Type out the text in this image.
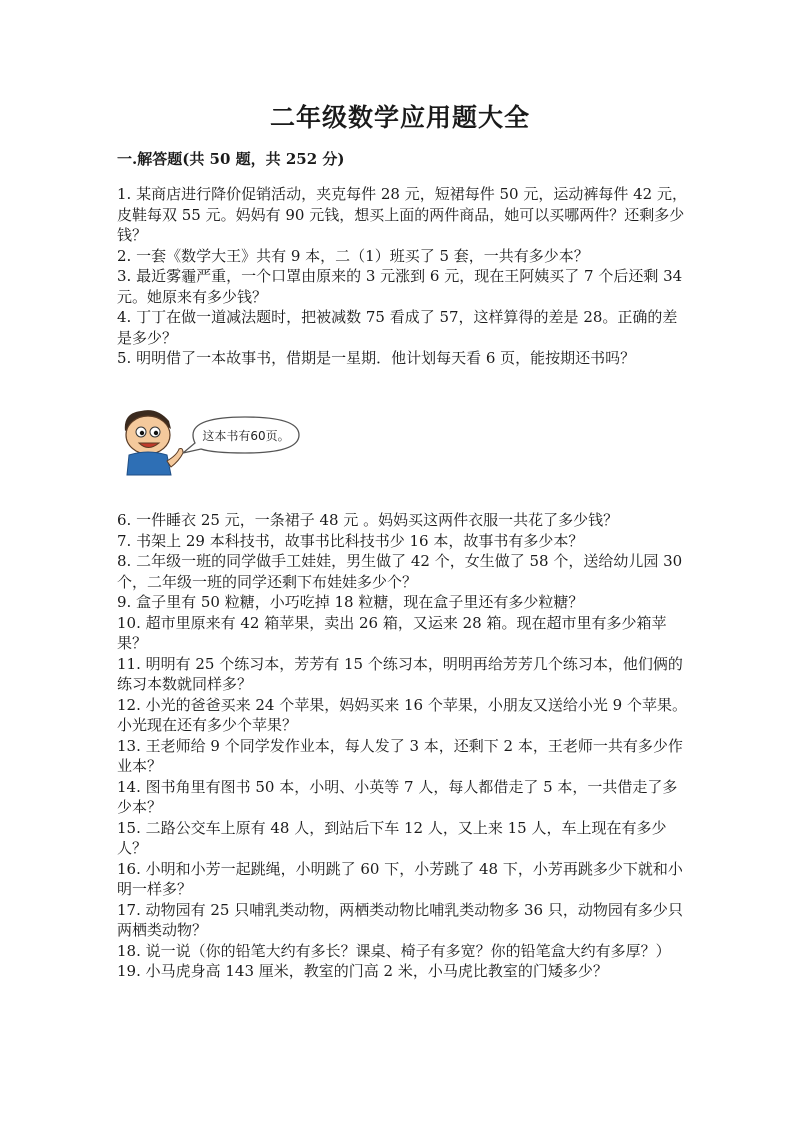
二年级数学应用题大全
一.解答题(共 50 题，共 252 分)

1. 某商店进行降价促销活动，夹克每件 28 元，短裙每件 50 元，运动裤每件 42 元，皮鞋每双 55 元。妈妈有 90 元钱，想买上面的两件商品，她可以买哪两件？还剩多少钱？

2. 一套《数学大王》共有 9 本，二（1）班买了 5 套，一共有多少本？

3. 最近雾霾严重，一个口罩由原来的 3 元涨到 6 元，现在王阿姨买了 7 个后还剩 34 元。她原来有多少钱？

4. 丁丁在做一道减法题时，把被减数 75 看成了 57，这样算得的差是 28。正确的差是多少？

5. 明明借了一本故事书，借期是一星期．他计划每天看 6 页，能按期还书吗？

这本书有60页。

6. 一件睡衣 25 元，一条裙子 48 元 。妈妈买这两件衣服一共花了多少钱？

7. 书架上 29 本科技书，故事书比科技书少 16 本，故事书有多少本？

8. 二年级一班的同学做手工娃娃，男生做了 42 个，女生做了 58 个，送给幼儿园 30 个，二年级一班的同学还剩下布娃娃多少个？

9. 盒子里有 50 粒糖，小巧吃掉 18 粒糖，现在盒子里还有多少粒糖？

10. 超市里原来有 42 箱苹果，卖出 26 箱，又运来 28 箱。现在超市里有多少箱苹果？

11. 明明有 25 个练习本，芳芳有 15 个练习本，明明再给芳芳几个练习本，他们俩的练习本数就同样多？

12. 小光的爸爸买来 24 个苹果，妈妈买来 16 个苹果，小朋友又送给小光 9 个苹果。小光现在还有多少个苹果？

13. 王老师给 9 个同学发作业本，每人发了 3 本，还剩下 2 本，王老师一共有多少作业本？

14. 图书角里有图书 50 本，小明、小英等 7 人，每人都借走了 5 本，一共借走了多少本？

15. 二路公交车上原有 48 人，到站后下车 12 人，又上来 15 人，车上现在有多少人？

16. 小明和小芳一起跳绳，小明跳了 60 下，小芳跳了 48 下，小芳再跳多少下就和小明一样多？

17. 动物园有 25 只哺乳类动物，两栖类动物比哺乳类动物多 36 只，动物园有多少只两栖类动物？

18. 说一说（你的铅笔大约有多长？课桌、椅子有多宽？你的铅笔盒大约有多厚？）

19. 小马虎身高 143 厘米，教室的门高 2 米，小马虎比教室的门矮多少？
